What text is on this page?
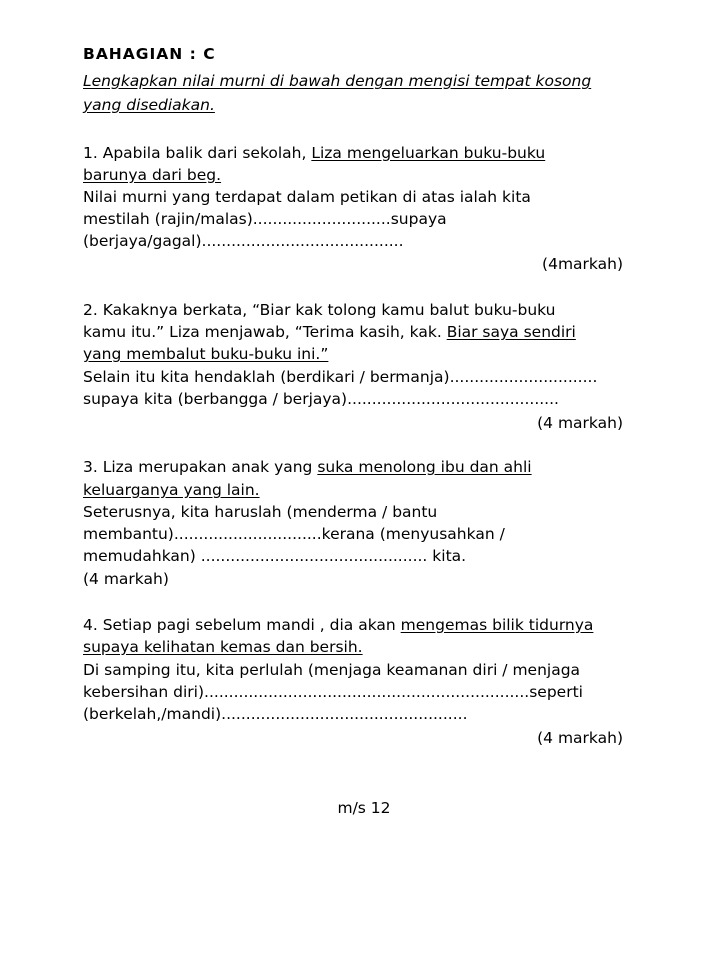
BAHAGIAN : C
Lengkapkan nilai murni di bawah dengan mengisi tempat kosong
yang disediakan.
1. Apabila balik dari sekolah, Liza mengeluarkan buku-buku
barunya dari beg.
Nilai murni yang terdapat dalam petikan di atas ialah kita
mestilah (rajin/malas)............................supaya
(berjaya/gagal).........................................
(4markah)
2. Kakaknya berkata, “Biar kak tolong kamu balut buku-buku
kamu itu.” Liza menjawab, “Terima kasih, kak. Biar saya sendiri
yang membalut buku-buku ini.”
Selain itu kita hendaklah (berdikari / bermanja)..............................
supaya kita (berbangga / berjaya)...........................................
(4 markah)
3. Liza merupakan anak yang suka menolong ibu dan ahli
keluarganya yang lain.
Seterusnya, kita haruslah (menderma / bantu
membantu)..............................kerana (menyusahkan /
memudahkan) .............................................. kita.
(4 markah)
4. Setiap pagi sebelum mandi , dia akan mengemas bilik tidurnya
supaya kelihatan kemas dan bersih.
Di samping itu, kita perlulah (menjaga keamanan diri / menjaga
kebersihan diri)..................................................................seperti
(berkelah,/mandi)..................................................
(4 markah)
m/s 12
